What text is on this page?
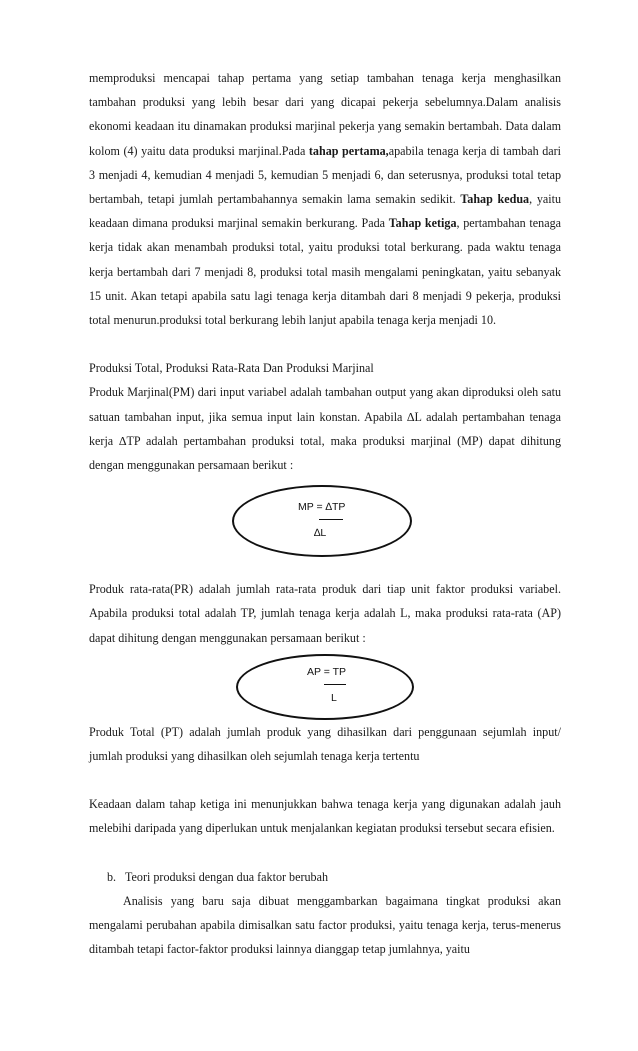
memproduksi mencapai tahap pertama yang setiap tambahan tenaga kerja menghasilkan tambahan produksi yang lebih besar dari yang dicapai pekerja sebelumnya.Dalam analisis ekonomi keadaan itu dinamakan produksi marjinal pekerja yang semakin bertambah. Data dalam kolom (4) yaitu data produksi marjinal.Pada tahap pertama,apabila tenaga kerja di tambah dari 3 menjadi 4, kemudian 4 menjadi 5, kemudian 5 menjadi 6, dan seterusnya, produksi total tetap bertambah, tetapi jumlah pertambahannya semakin lama semakin sedikit. Tahap kedua, yaitu keadaan dimana produksi marjinal semakin berkurang. Pada Tahap ketiga, pertambahan tenaga kerja tidak akan menambah produksi total, yaitu produksi total berkurang. pada waktu tenaga kerja bertambah dari 7 menjadi 8, produksi total masih mengalami peningkatan, yaitu sebanyak 15 unit. Akan tetapi apabila satu lagi tenaga kerja ditambah dari 8 menjadi 9 pekerja, produksi total menurun.produksi total berkurang lebih lanjut apabila tenaga kerja menjadi 10.

Produksi Total, Produksi Rata-Rata Dan Produksi Marjinal

Produk Marjinal(PM) dari input variabel adalah tambahan output yang akan diproduksi oleh satu satuan tambahan input, jika semua input lain konstan. Apabila ∆L adalah pertambahan tenaga kerja ∆TP adalah pertambahan produksi total, maka produksi marjinal (MP) dapat dihitung dengan menggunakan persamaan berikut :

MP = ∆TP
∆L

Produk rata-rata(PR) adalah jumlah rata-rata produk dari tiap unit faktor produksi variabel. Apabila produksi total adalah TP, jumlah tenaga kerja adalah L, maka produksi rata-rata (AP) dapat dihitung dengan menggunakan persamaan berikut :

AP = TP
L

Produk Total (PT) adalah jumlah produk yang dihasilkan dari penggunaan sejumlah input/ jumlah produksi yang dihasilkan oleh sejumlah tenaga kerja tertentu

Keadaan dalam tahap ketiga ini menunjukkan bahwa tenaga kerja yang digunakan adalah jauh melebihi daripada yang diperlukan untuk menjalankan kegiatan produksi tersebut secara efisien.

b. Teori produksi dengan dua faktor berubah

Analisis yang baru saja dibuat menggambarkan bagaimana tingkat produksi akan mengalami perubahan apabila dimisalkan satu factor produksi, yaitu tenaga kerja, terus-menerus ditambah tetapi factor-faktor produksi lainnya dianggap tetap jumlahnya, yaitu
